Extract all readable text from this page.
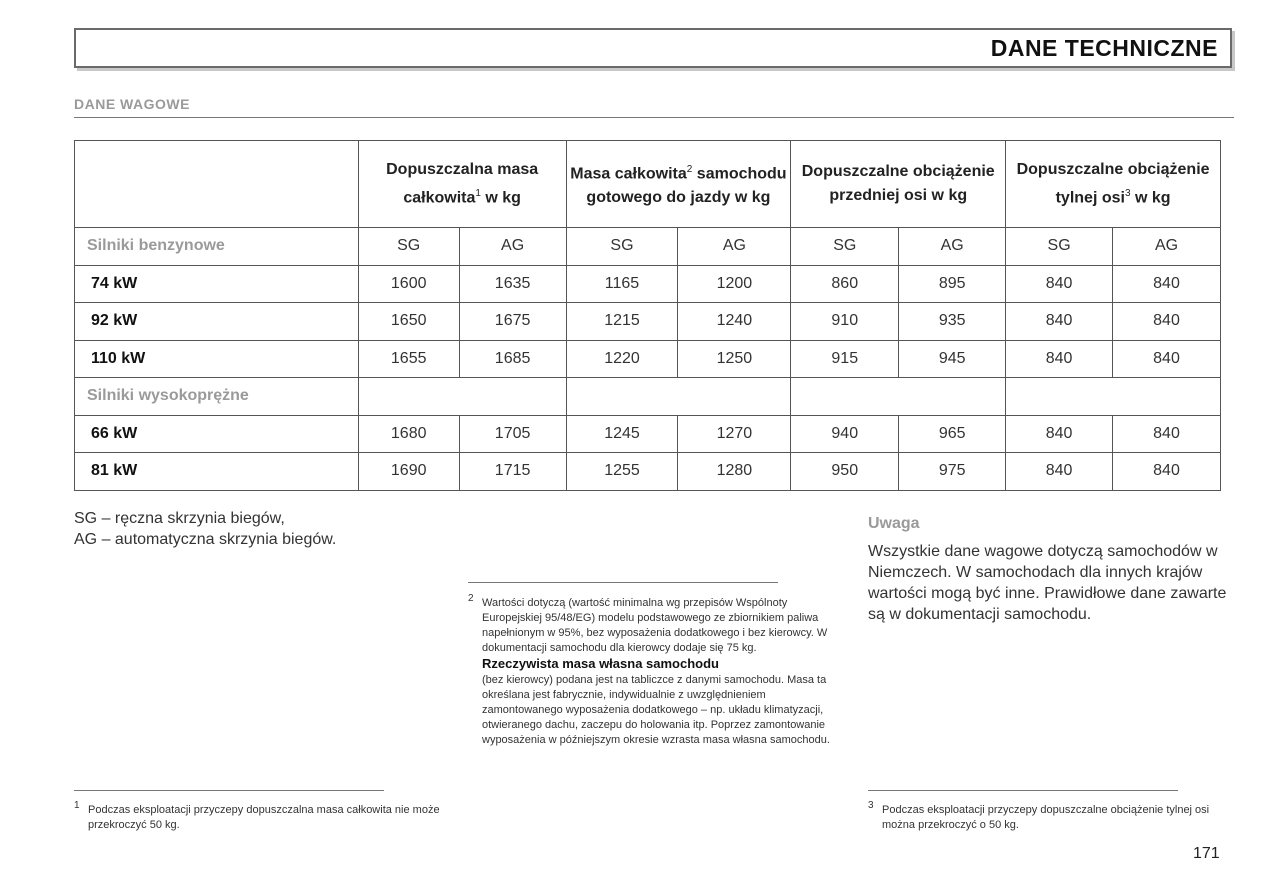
DANE TECHNICZNE
DANE WAGOWE
	Dopuszczalna masa całkowita$^1$ w kg		Masa całkowita$^2$ samochodu gotowego do jazdy w kg		Dopuszczalne obciążenie przedniej osi w kg		Dopuszczalne obciążenie tylnej osi$^3$ w kg	
Silniki benzynowe	SG	AG	SG	AG	SG	AG	SG	AG
74 kW	1600	1635	1165	1200	860	895	840	840
92 kW	1650	1675	1215	1240	910	935	840	840
110 kW	1655	1685	1220	1250	915	945	840	840
Silniki wysokoprężne								
66 kW	1680	1705	1245	1270	940	965	840	840
81 kW	1690	1715	1255	1280	950	975	840	840
SG – ręczna skrzynia biegów,
AG – automatyczna skrzynia biegów.
Uwaga
Wszystkie dane wagowe dotyczą samochodów w Niemczech. W samochodach dla innych krajów wartości mogą być inne. Prawidłowe dane zawarte są w dokumentacji samochodu.
1 Podczas eksploatacji przyczepy dopuszczalna masa całkowita nie może przekroczyć 50 kg.
2 Wartości dotyczą (wartość minimalna wg przepisów Wspólnoty Europejskiej 95/48/EG) modelu podstawowego ze zbiornikiem paliwa napełnionym w 95%, bez wyposażenia dodatkowego i bez kierowcy. W dokumentacji samochodu dla kierowcy dodaje się 75 kg.
Rzeczywista masa własna samochodu
(bez kierowcy) podana jest na tabliczce z danymi samochodu. Masa ta określana jest fabrycznie, indywidualnie z uwzględnieniem zamontowanego wyposażenia dodatkowego – np. układu klimatyzacji, otwieranego dachu, zaczepu do holowania itp. Poprzez zamontowanie wyposażenia w późniejszym okresie wzrasta masa własna samochodu.
3 Podczas eksploatacji przyczepy dopuszczalne obciążenie tylnej osi można przekroczyć o 50 kg.
171
